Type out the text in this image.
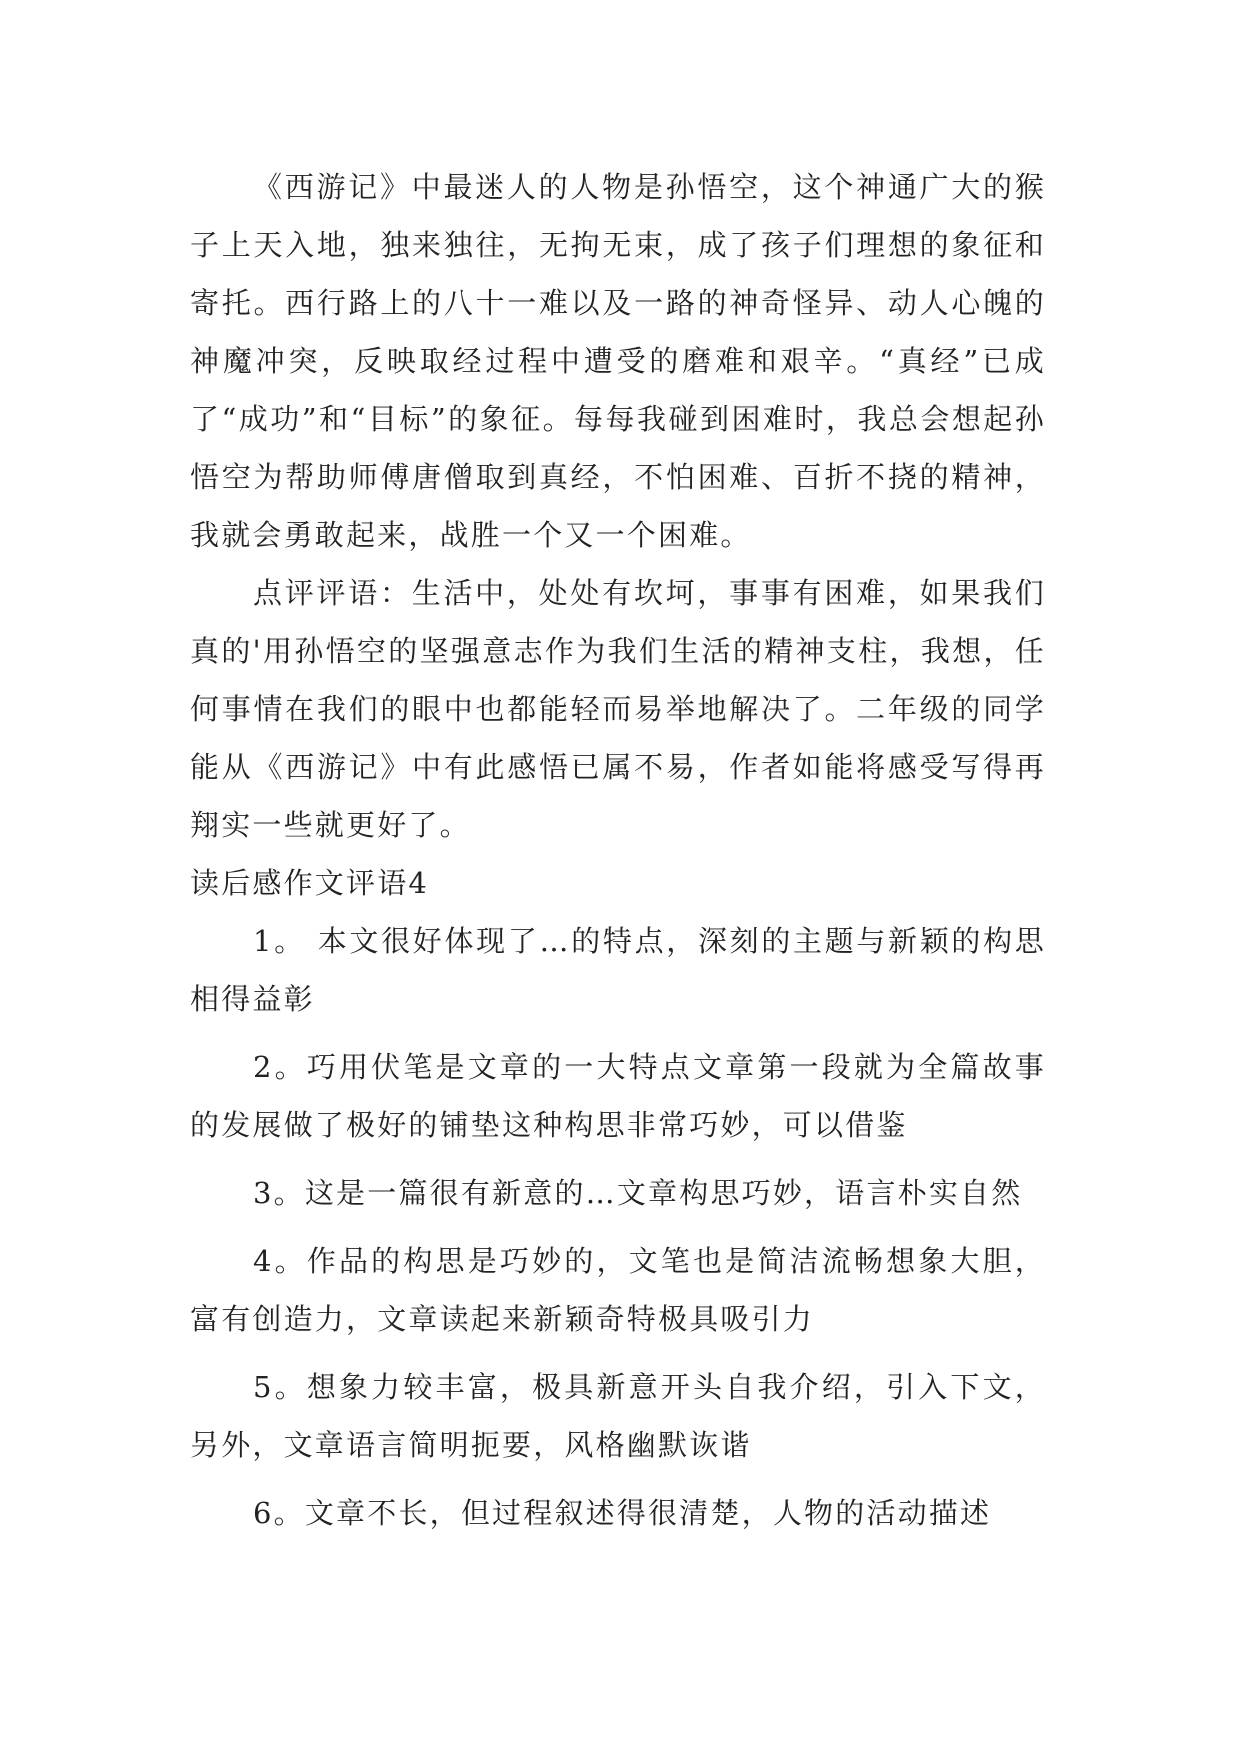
《西游记》中最迷人的人物是孙悟空，这个神通广大的猴子上天入地，独来独往，无拘无束，成了孩子们理想的象征和寄托。西行路上的八十一难以及一路的神奇怪异、动人心魄的神魔冲突，反映取经过程中遭受的磨难和艰辛。“真经”已成了“成功”和“目标”的象征。每每我碰到困难时，我总会想起孙悟空为帮助师傅唐僧取到真经，不怕困难、百折不挠的精神，我就会勇敢起来，战胜一个又一个困难。

点评评语：生活中，处处有坎坷，事事有困难，如果我们真的'用孙悟空的坚强意志作为我们生活的精神支柱，我想，任何事情在我们的眼中也都能轻而易举地解决了。二年级的同学能从《西游记》中有此感悟已属不易，作者如能将感受写得再翔实一些就更好了。

读后感作文评语4

1。 本文很好体现了…的特点，深刻的主题与新颖的构思相得益彰

2。巧用伏笔是文章的一大特点文章第一段就为全篇故事的发展做了极好的铺垫这种构思非常巧妙，可以借鉴

3。这是一篇很有新意的…文章构思巧妙，语言朴实自然

4。作品的构思是巧妙的，文笔也是简洁流畅想象大胆，富有创造力，文章读起来新颖奇特极具吸引力

5。想象力较丰富，极具新意开头自我介绍，引入下文，另外，文章语言简明扼要，风格幽默诙谐

6。文章不长，但过程叙述得很清楚，人物的活动描述
